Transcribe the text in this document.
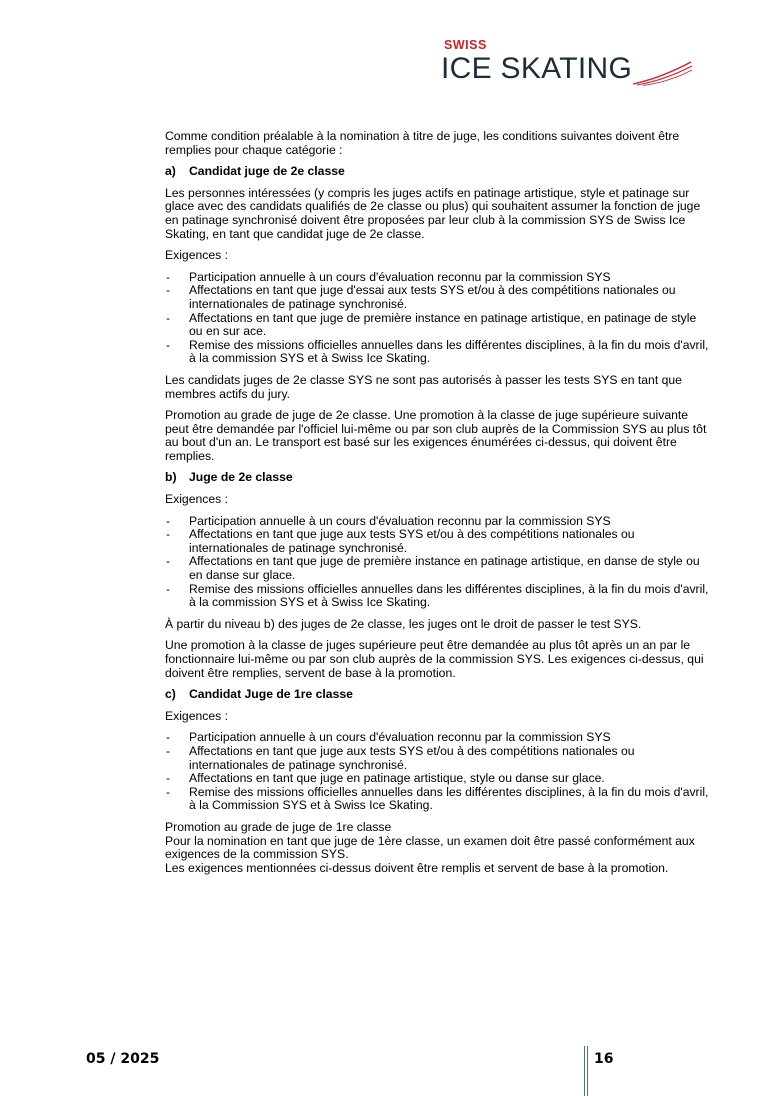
SWISS
ICE SKATING

Comme condition préalable à la nomination à titre de juge, les conditions suivantes doivent être remplies pour chaque catégorie :

a)	Candidat juge de 2e classe

Les personnes intéressées (y compris les juges actifs en patinage artistique, style et patinage sur glace avec des candidats qualifiés de 2e classe ou plus) qui souhaitent assumer la fonction de juge en patinage synchronisé doivent être proposées par leur club à la commission SYS de Swiss Ice Skating, en tant que candidat juge de 2e classe.

Exigences :

- Participation annuelle à un cours d'évaluation reconnu par la commission SYS
- Affectations en tant que juge d'essai aux tests SYS et/ou à des compétitions nationales ou internationales de patinage synchronisé.
- Affectations en tant que juge de première instance en patinage artistique, en patinage de style ou en sur ace.
- Remise des missions officielles annuelles dans les différentes disciplines, à la fin du mois d'avril, à la commission SYS et à Swiss Ice Skating.

Les candidats juges de 2e classe SYS ne sont pas autorisés à passer les tests SYS en tant que membres actifs du jury.

Promotion au grade de juge de 2e classe. Une promotion à la classe de juge supérieure suivante peut être demandée par l'officiel lui-même ou par son club auprès de la Commission SYS au plus tôt au bout d'un an. Le transport est basé sur les exigences énumérées ci-dessus, qui doivent être remplies.

b)	Juge de 2e classe

Exigences :

- Participation annuelle à un cours d'évaluation reconnu par la commission SYS
- Affectations en tant que juge aux tests SYS et/ou à des compétitions nationales ou internationales de patinage synchronisé.
- Affectations en tant que juge de première instance en patinage artistique, en danse de style ou en danse sur glace.
- Remise des missions officielles annuelles dans les différentes disciplines, à la fin du mois d'avril, à la commission SYS et à Swiss Ice Skating.

À partir du niveau b) des juges de 2e classe, les juges ont le droit de passer le test SYS.

Une promotion à la classe de juges supérieure peut être demandée au plus tôt après un an par le fonctionnaire lui-même ou par son club auprès de la commission SYS. Les exigences ci-dessus, qui doivent être remplies, servent de base à la promotion.

c)	Candidat Juge de 1re classe

Exigences :

- Participation annuelle à un cours d'évaluation reconnu par la commission SYS
- Affectations en tant que juge aux tests SYS et/ou à des compétitions nationales ou internationales de patinage synchronisé.
- Affectations en tant que juge en patinage artistique, style ou danse sur glace.
- Remise des missions officielles annuelles dans les différentes disciplines, à la fin du mois d'avril, à la Commission SYS et à Swiss Ice Skating.

Promotion au grade de juge de 1re classe
Pour la nomination en tant que juge de 1ère classe, un examen doit être passé conformément aux exigences de la commission SYS.
Les exigences mentionnées ci-dessus doivent être remplis et servent de base à la promotion.

05 / 2025	16
